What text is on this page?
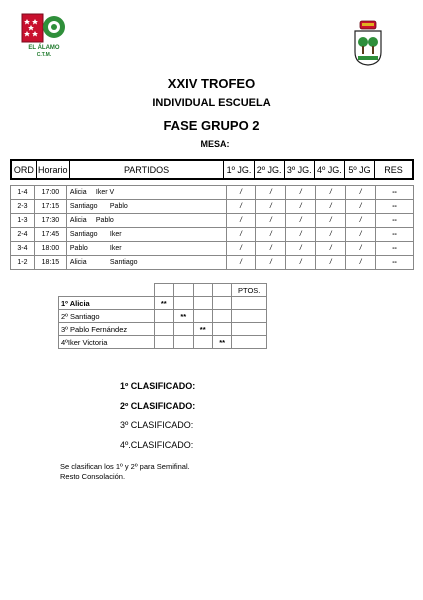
EL ÁLAMO
C.T.M.
XXIV TROFEO
INDIVIDUAL ESCUELA
FASE GRUPO 2
MESA:
ORD	Horario	PARTIDOS	1º JG.	2º JG.	3º JG.	4º JG.	5º JG	RES
1-4	17:00	Alicia Iker V	/	/	/	/	/	--
2-3	17:15	Santiago Pablo	/	/	/	/	/	--
1-3	17:30	Alicia Pablo	/	/	/	/	/	--
2-4	17:45	Santiago Iker	/	/	/	/	/	--
3-4	18:00	Pablo Iker	/	/	/	/	/	--
1-2	18:15	Alicia Santiago	/	/	/	/	/	--
					PTOS.
1º Alicia	**				
2º Santiago		**			
3º Pablo Fernández			**		
4ºIker Victoria				**	
1º CLASIFICADO:
2º CLASIFICADO:
3º CLASIFICADO:
4º.CLASIFICADO:
Se clasifican los 1º y 2º para Semifinal.
Resto Consolación.
